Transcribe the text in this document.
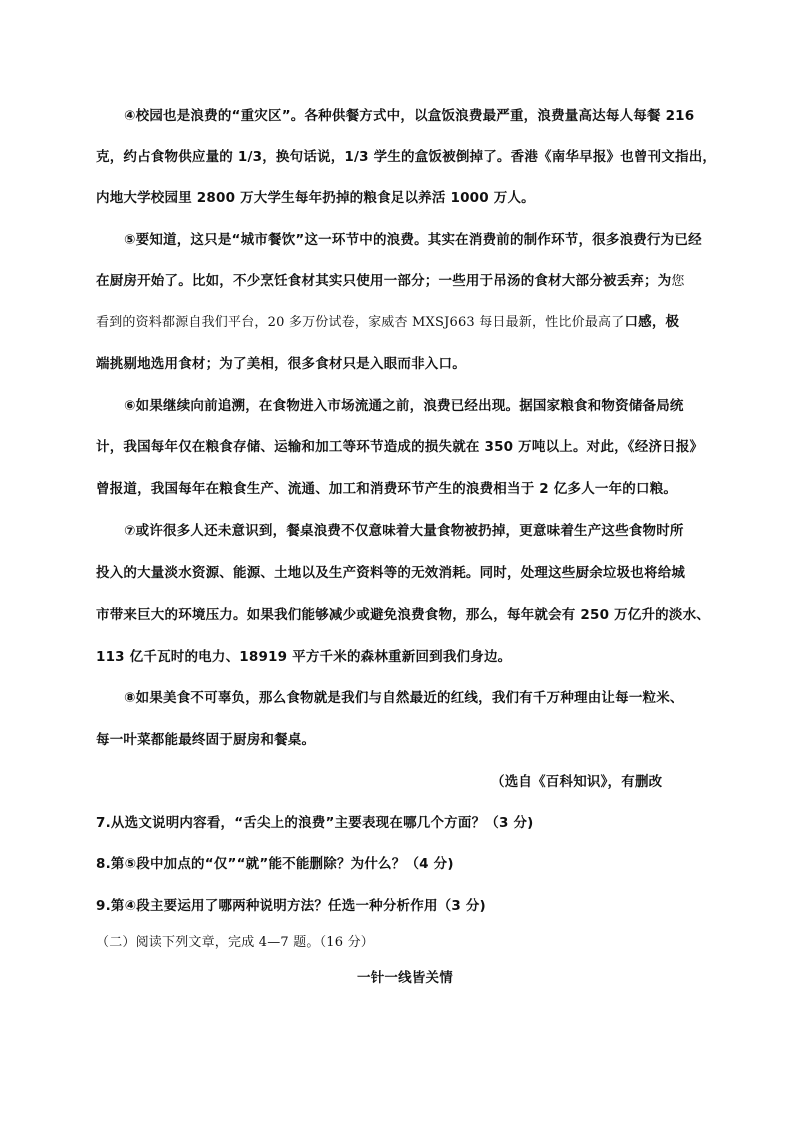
④校园也是浪费的“重灾区”。各种供餐方式中，以盒饭浪费最严重，浪费量高达每人每餐 216
克，约占食物供应量的 1/3，换句话说，1/3 学生的盒饭被倒掉了。香港《南华早报》也曾刊文指出，
内地大学校园里 2800 万大学生每年扔掉的粮食足以养活 1000 万人。
⑤要知道，这只是“城市餐饮”这一环节中的浪费。其实在消费前的制作环节，很多浪费行为已经
在厨房开始了。比如，不少烹饪食材其实只使用一部分；一些用于吊汤的食材大部分被丢弃；为您
看到的资料都源自我们平台，20 多万份试卷，家威杏 MXSJ663 每日最新，性比价最高了口感，极
端挑剔地选用食材；为了美相，很多食材只是入眼而非入口。
⑥如果继续向前追溯，在食物进入市场流通之前，浪费已经出现。据国家粮食和物资储备局统
计，我国每年仅在粮食存储、运输和加工等环节造成的损失就在 350 万吨以上。对此，《经济日报》
曾报道，我国每年在粮食生产、流通、加工和消费环节产生的浪费相当于 2 亿多人一年的口粮。
⑦或许很多人还未意识到，餐桌浪费不仅意味着大量食物被扔掉，更意味着生产这些食物时所
投入的大量淡水资源、能源、土地以及生产资料等的无效消耗。同时，处理这些厨余垃圾也将给城
市带来巨大的环境压力。如果我们能够减少或避免浪费食物，那么，每年就会有 250 万亿升的淡水、
113 亿千瓦时的电力、18919 平方千米的森林重新回到我们身边。
⑧如果美食不可辜负，那么食物就是我们与自然最近的红线，我们有千万种理由让每一粒米、
每一叶菜都能最终固于厨房和餐桌。
（选自《百科知识》，有删改
7.从选文说明内容看，“舌尖上的浪费”主要表现在哪几个方面？（3 分)
8.第⑤段中加点的“仅”“就”能不能删除？为什么？（4 分)
9.第④段主要运用了哪两种说明方法？任选一种分析作用（3 分)
（二）阅读下列文章，完成 4—7 题。（16 分）
一针一线皆关情
